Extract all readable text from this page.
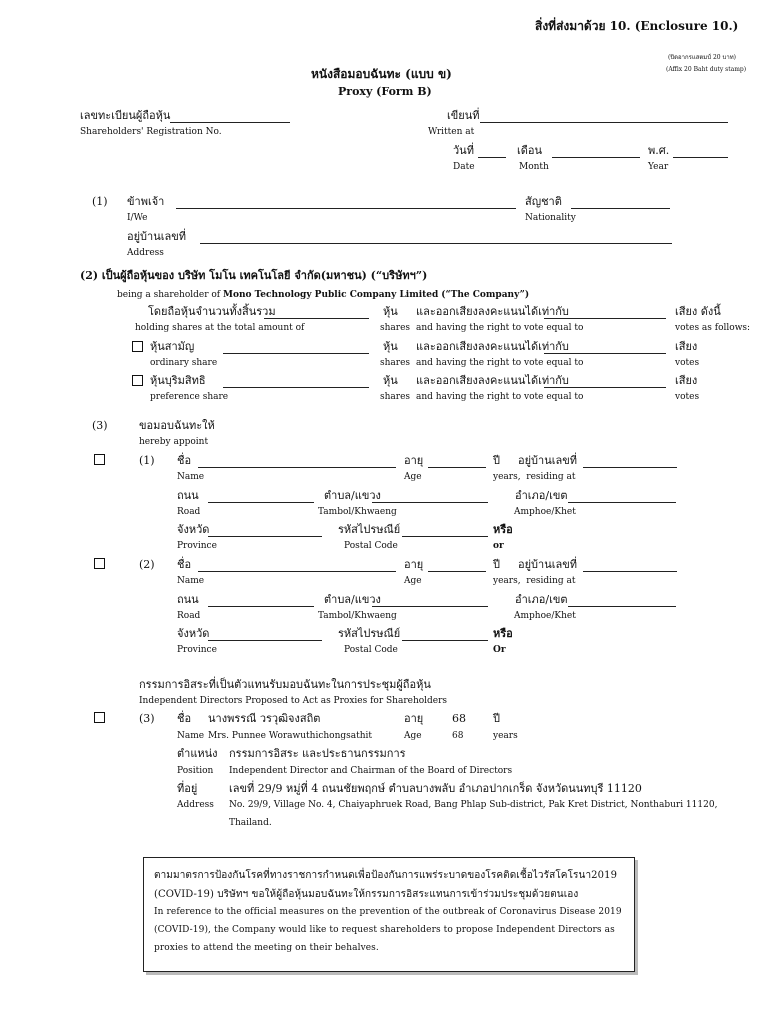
สิ่งที่ส่งมาด้วย 10. (Enclosure 10.)
(ปิดอากรแสตมป์ 20 บาท)
(Affix 20 Baht duty stamp)
หนังสือมอบฉันทะ (แบบ ข)
Proxy (Form B)
เลขทะเบียนผู้ถือหุ้น
Shareholders' Registration No.
เขียนที่
Written at
วันที่
Date
เดือน
Month
พ.ศ.
Year
(1) ข้าพเจ้า
I/We
สัญชาติ
Nationality
อยู่บ้านเลขที่
Address
(2) เป็นผู้ถือหุ้นของ บริษัท โมโน เทคโนโลยี จำกัด(มหาชน) (“บริษัทฯ”)
being a shareholder of Mono Technology Public Company Limited (“The Company”)
โดยถือหุ้นจำนวนทั้งสิ้นรวม
holding shares at the total amount of
หุ้น
shares
และออกเสียงลงคะแนนได้เท่ากับ
and having the right to vote equal to
เสียง ดังนี้
votes as follows:
หุ้นสามัญ
ordinary share
หุ้น
shares
และออกเสียงลงคะแนนได้เท่ากับ
and having the right to vote equal to
เสียง
votes
หุ้นบุริมสิทธิ
preference share
หุ้น
shares
และออกเสียงลงคะแนนได้เท่ากับ
and having the right to vote equal to
เสียง
votes
(3)	ขอมอบฉันทะให้
hereby appoint
(1) ชื่อ
Name
อายุ
Age
ปี อยู่บ้านเลขที่
years, residing at
ถนน
Road
ตำบล/แขวง
Tambol/Khwaeng
อำเภอ/เขต
Amphoe/Khet
จังหวัด
Province
รหัสไปรษณีย์
Postal Code
หรือ
or
(2) ชื่อ
Name
อายุ
Age
ปี อยู่บ้านเลขที่
years, residing at
ถนน
Road
ตำบล/แขวง
Tambol/Khwaeng
อำเภอ/เขต
Amphoe/Khet
จังหวัด
Province
รหัสไปรษณีย์
Postal Code
หรือ
Or
กรรมการอิสระที่เป็นตัวแทนรับมอบฉันทะในการประชุมผู้ถือหุ้น
Independent Directors Proposed to Act as Proxies for Shareholders
(3) ชื่อ นางพรรณี วรวุฒิจงสถิต	อายุ	68 ปี
Name Mrs. Punnee Worawuthichongsathit	Age	68	years
ตำแหน่ง กรรมการอิสระ และประธานกรรมการ
Position Independent Director and Chairman of the Board of Directors
ที่อยู่	เลขที่ 29/9 หมู่ที่ 4 ถนนชัยพฤกษ์ ตำบลบางพลับ อำเภอปากเกร็ด จังหวัดนนทบุรี 11120
Address No. 29/9, Village No. 4, Chaiyaphruek Road, Bang Phlap Sub-district, Pak Kret District, Nonthaburi 11120,
Thailand.
ตามมาตรการป้องกันโรคที่ทางราชการกำหนดเพื่อป้องกันการแพร่ระบาดของโรคติดเชื้อไวรัสโคโรนา2019
(COVID-19) บริษัทฯ ขอให้ผู้ถือหุ้นมอบฉันทะให้กรรมการอิสระแทนการเข้าร่วมประชุมด้วยตนเอง
In reference to the official measures on the prevention of the outbreak of Coronavirus Disease 2019
(COVID-19), the Company would like to request shareholders to propose Independent Directors as
proxies to attend the meeting on their behalves.
